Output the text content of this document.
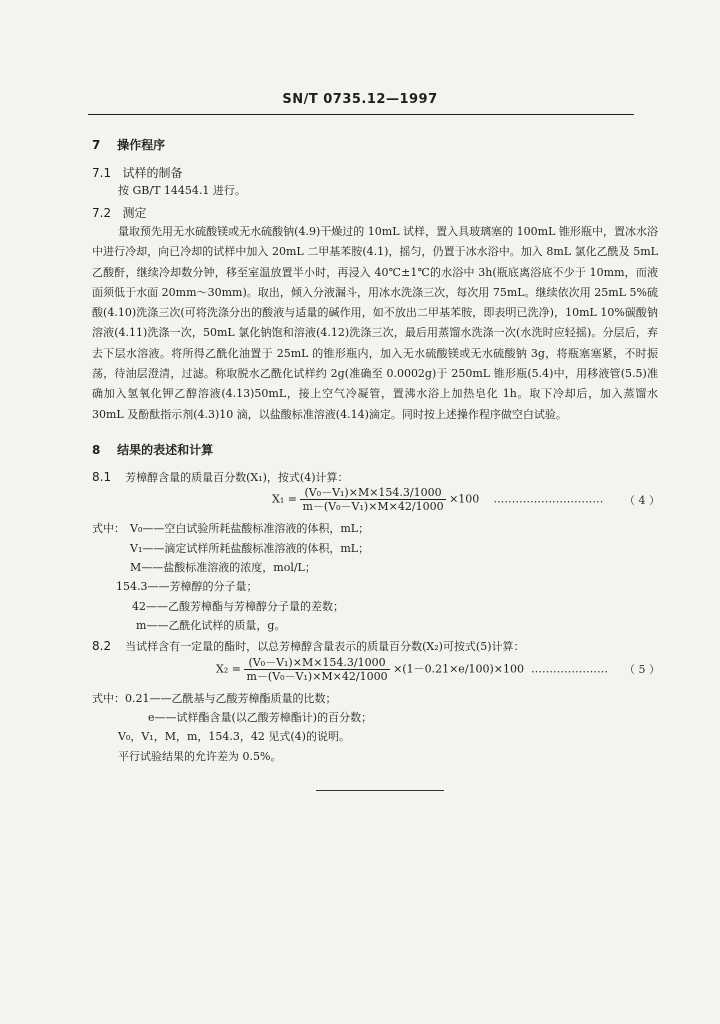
SN/T 0735.12—1997
7 操作程序
7.1 试样的制备
按 GB/T 14454.1 进行。
7.2 测定

量取预先用无水硫酸镁或无水硫酸钠(4.9)干燥过的 10mL 试样，置入具玻璃塞的 100mL 锥形瓶中，置冰水浴中进行冷却，向已冷却的试样中加入 20mL 二甲基苯胺(4.1)，摇匀，仍置于冰水浴中。加入 8mL 氯化乙酰及 5mL 乙酸酐，继续冷却数分钟，移至室温放置半小时，再浸入 40℃±1℃的水浴中 3h(瓶底离浴底不少于 10mm，而液面须低于水面 20mm～30mm)。取出，倾入分液漏斗，用冰水洗涤三次，每次用 75mL。继续依次用 25mL 5%硫酸(4.10)洗涤三次(可将洗涤分出的酸液与适量的碱作用，如不放出二甲基苯胺，即表明已洗净)，10mL 10%碳酸钠溶液(4.11)洗涤一次，50mL 氯化钠饱和溶液(4.12)洗涤三次，最后用蒸馏水洗涤一次(水洗时应轻摇)。分层后，弃去下层水溶液。将所得乙酰化油置于 25mL 的锥形瓶内，加入无水硫酸镁或无水硫酸钠 3g，将瓶塞塞紧，不时振荡，待油层澄清，过滤。称取脱水乙酰化试样约 2g(准确至 0.0002g)于 250mL 锥形瓶(5.4)中，用移液管(5.5)准确加入氢氧化钾乙醇溶液(4.13)50mL，接上空气冷凝管，置沸水浴上加热皂化 1h。取下冷却后，加入蒸馏水 30mL 及酚酞指示剂(4.3)10 滴，以盐酸标准溶液(4.14)滴定。同时按上述操作程序做空白试验。

8 结果的表述和计算
8.1 芳樟醇含量的质量百分数(X₁)，按式(4)计算：
$X_1 = \frac{\text{(V₀－V₁)×M×154.3/1000}}{\text{m－(V₀－V₁)×M×42/1000}} \times 100$ ………………………… （ 4 ）
式中： V₀——空白试验所耗盐酸标准溶液的体积，mL；
V₁——滴定试样所耗盐酸标准溶液的体积，mL；
M——盐酸标准溶液的浓度，mol/L；
154.3——芳樟醇的分子量；
42——乙酸芳樟酯与芳樟醇分子量的差数；
m——乙酰化试样的质量，g。
8.2 当试样含有一定量的酯时，以总芳樟醇含量表示的质量百分数(X₂)可按式(5)计算：
$X_2 = \frac{\text{(V₀－V₁)×M×154.3/1000}}{\text{m－(V₀－V₁)×M×42/1000}} \times(1-0.21\times e/100)\times 100$ ………………… （ 5 ）
式中：0.21——乙酰基与乙酸芳樟酯质量的比数；
e——试样酯含量(以乙酸芳樟酯计)的百分数；
V₀，V₁，M，m，154.3，42 见式(4)的说明。
平行试验结果的允许差为 0.5%。
